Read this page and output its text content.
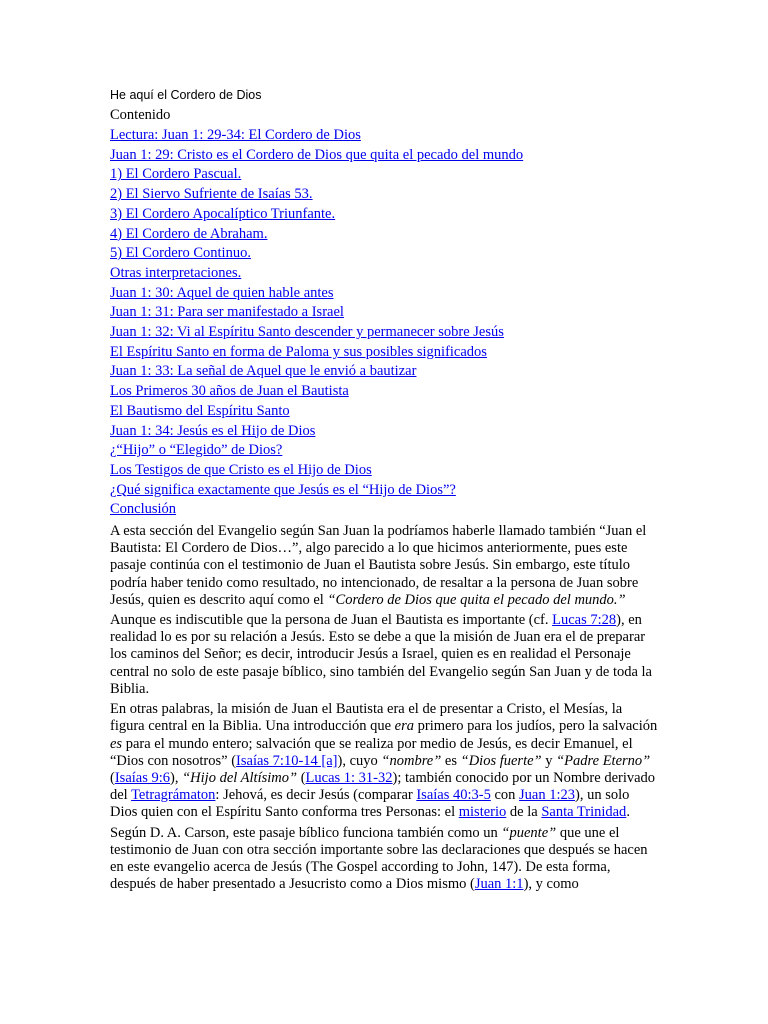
He aquí el Cordero de Dios
Contenido
Lectura: Juan 1: 29-34: El Cordero de Dios
Juan 1: 29: Cristo es el Cordero de Dios que quita el pecado del mundo
1) El Cordero Pascual.
2) El Siervo Sufriente de Isaías 53.
3) El Cordero Apocalíptico Triunfante.
4) El Cordero de Abraham.
5) El Cordero Continuo.
Otras interpretaciones.
Juan 1: 30: Aquel de quien hable antes
Juan 1: 31: Para ser manifestado a Israel
Juan 1: 32: Vi al Espíritu Santo descender y permanecer sobre Jesús
El Espíritu Santo en forma de Paloma y sus posibles significados
Juan 1: 33: La señal de Aquel que le envió a bautizar
Los Primeros 30 años de Juan el Bautista
El Bautismo del Espíritu Santo
Juan 1: 34: Jesús es el Hijo de Dios
¿“Hijo” o “Elegido” de Dios?
Los Testigos de que Cristo es el Hijo de Dios
¿Qué significa exactamente que Jesús es el “Hijo de Dios”?
Conclusión

A esta sección del Evangelio según San Juan la podríamos haberle llamado también “Juan el Bautista: El Cordero de Dios…”, algo parecido a lo que hicimos anteriormente, pues este pasaje continúa con el testimonio de Juan el Bautista sobre Jesús. Sin embargo, este título podría haber tenido como resultado, no intencionado, de resaltar a la persona de Juan sobre Jesús, quien es descrito aquí como el “Cordero de Dios que quita el pecado del mundo.”

Aunque es indiscutible que la persona de Juan el Bautista es importante (cf. Lucas 7:28), en realidad lo es por su relación a Jesús. Esto se debe a que la misión de Juan era el de preparar los caminos del Señor; es decir, introducir Jesús a Israel, quien es en realidad el Personaje central no solo de este pasaje bíblico, sino también del Evangelio según San Juan y de toda la Biblia.

En otras palabras, la misión de Juan el Bautista era el de presentar a Cristo, el Mesías, la figura central en la Biblia. Una introducción que era primero para los judíos, pero la salvación es para el mundo entero; salvación que se realiza por medio de Jesús, es decir Emanuel, el “Dios con nosotros” (Isaías 7:10-14 [a]), cuyo “nombre” es “Dios fuerte” y “Padre Eterno” (Isaías 9:6), “Hijo del Altísimo” (Lucas 1: 31-32); también conocido por un Nombre derivado del Tetragrámaton: Jehová, es decir Jesús (comparar Isaías 40:3-5 con Juan 1:23), un solo Dios quien con el Espíritu Santo conforma tres Personas: el misterio de la Santa Trinidad.

Según D. A. Carson, este pasaje bíblico funciona también como un “puente” que une el testimonio de Juan con otra sección importante sobre las declaraciones que después se hacen en este evangelio acerca de Jesús (The Gospel according to John, 147). De esta forma, después de haber presentado a Jesucristo como a Dios mismo (Juan 1:1), y como
